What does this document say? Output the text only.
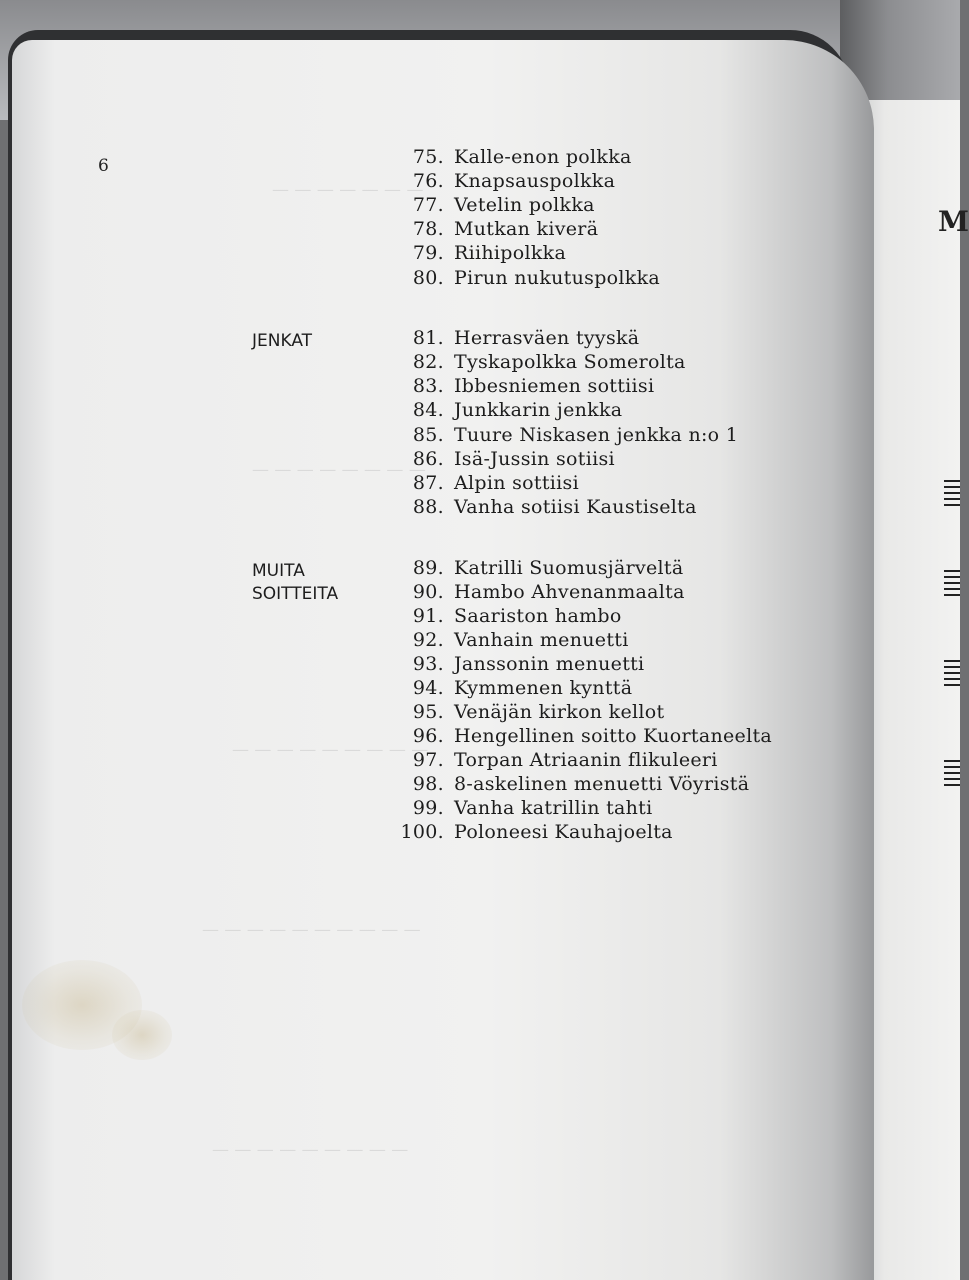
M
— — — — — — —
— — — — — — — —
— — — — — — — — —
— — — — — — — — — —
— — — — — — — — —
6
JENKAT
MUITA
SOITTEITA
75. Kalle-enon polkka
76. Knapsauspolkka
77. Vetelin polkka
78. Mutkan kiverä
79. Riihipolkka
80. Pirun nukutuspolkka
81. Herrasväen tyyskä
82. Tyskapolkka Somerolta
83. Ibbesniemen sottiisi
84. Junkkarin jenkka
85. Tuure Niskasen jenkka n:o 1
86. Isä-Jussin sotiisi
87. Alpin sottiisi
88. Vanha sotiisi Kaustiselta
89. Katrilli Suomusjärveltä
90. Hambo Ahvenanmaalta
91. Saariston hambo
92. Vanhain menuetti
93. Janssonin menuetti
94. Kymmenen kynttä
95. Venäjän kirkon kellot
96. Hengellinen soitto Kuortaneelta
97. Torpan Atriaanin flikuleeri
98. 8-askelinen menuetti Vöyristä
99. Vanha katrillin tahti
100. Poloneesi Kauhajoelta
